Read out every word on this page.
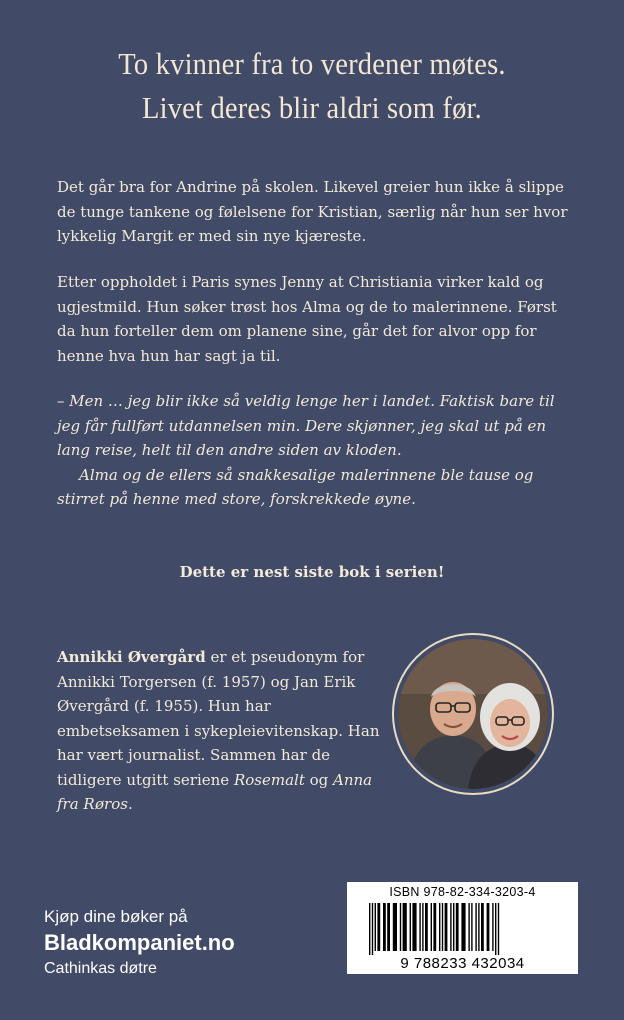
To kvinner fra to verdener møtes.
Livet deres blir aldri som før.

Det går bra for Andrine på skolen. Likevel greier hun ikke å slippe de tunge tankene og følelsene for Kristian, særlig når hun ser hvor lykkelig Margit er med sin nye kjæreste.

Etter oppholdet i Paris synes Jenny at Christiania virker kald og ugjestmild. Hun søker trøst hos Alma og de to malerinnene. Først da hun forteller dem om planene sine, går det for alvor opp for henne hva hun har sagt ja til.

– Men … jeg blir ikke så veldig lenge her i landet. Faktisk bare til jeg får fullført utdannelsen min. Dere skjønner, jeg skal ut på en lang reise, helt til den andre siden av kloden.

Alma og de ellers så snakkesalige malerinnene ble tause og stirret på henne med store, forskrekkede øyne.

Dette er nest siste bok i serien!
Annikki Øvergård er et pseudonym for Annikki Torgersen (f. 1957) og Jan Erik Øvergård (f. 1955). Hun har embetseksamen i sykepleievitenskap. Han har vært journalist. Sammen har de tidligere utgitt seriene Rosemalt og Anna fra Røros.
Kjøp dine bøker på
Bladkompaniet.no
Cathinkas døtre
ISBN 978-82-334-3203-4
9 788233 432034
